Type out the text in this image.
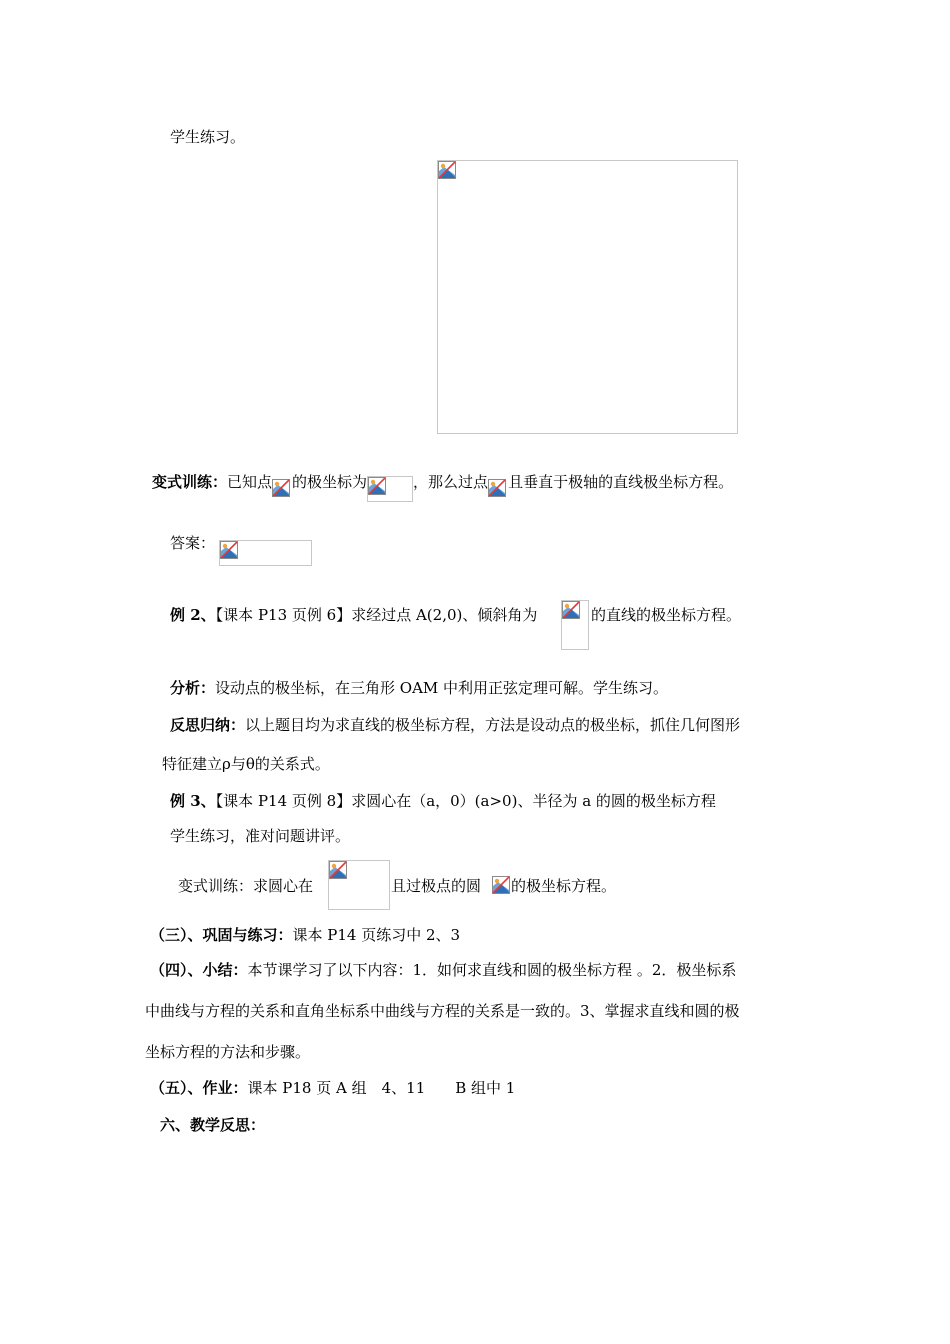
学生练习。
变式训练：已知点 的极坐标为	，那么过点 且垂直于极轴的直线极坐标方程。
答案：
例 2、【课本 P13 页例 6】求经过点 A(2,0)、倾斜角为	的直线的极坐标方程。
分析：设动点的极坐标，在三角形 OAM 中利用正弦定理可解。学生练习。
反思归纳：以上题目均为求直线的极坐标方程，方法是设动点的极坐标，抓住几何图形
特征建立ρ与θ的关系式。
例 3、【课本 P14 页例 8】求圆心在（a，0）(a>0)、半径为 a 的圆的极坐标方程
学生练习，准对问题讲评。
变式训练：求圆心在	且过极点的圆 的极坐标方程。
（三）、巩固与练习：课本 P14 页练习中 2、3
（四）、小结：本节课学习了以下内容：1．如何求直线和圆的极坐标方程 。2．极坐标系
中曲线与方程的关系和直角坐标系中曲线与方程的关系是一致的。3、掌握求直线和圆的极
坐标方程的方法和步骤。
（五）、作业：课本 P18 页 A 组　4、11　　B 组中 1
六、教学反思：
